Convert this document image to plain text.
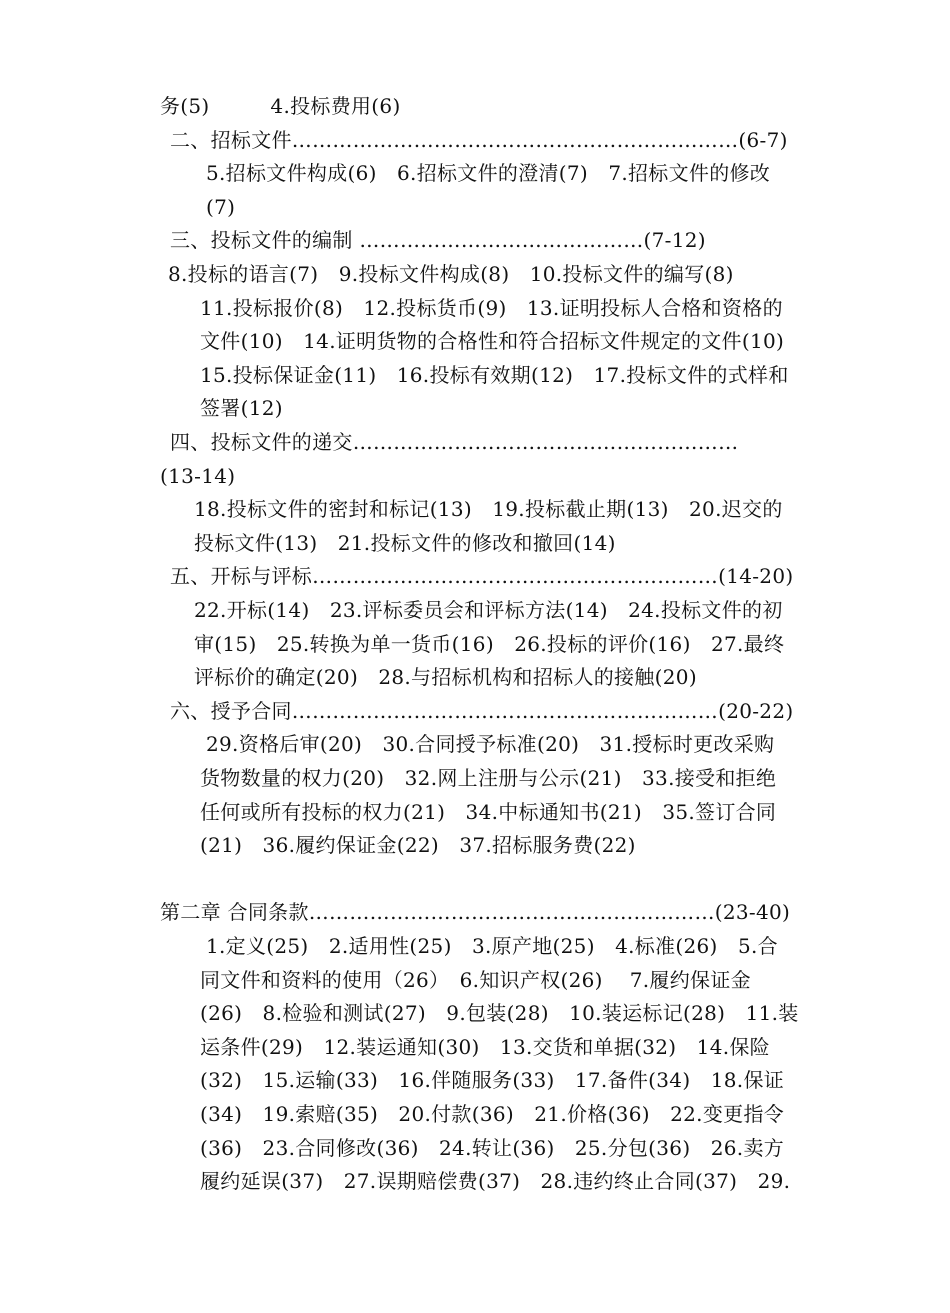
务(5)　　　4.投标费用(6)
二、招标文件…………………………………………………………(6-7)
5.招标文件构成(6)　6.招标文件的澄清(7)　7.招标文件的修改
(7)
三、投标文件的编制 ……………………………………(7-12)
8.投标的语言(7)　9.投标文件构成(8)　10.投标文件的编写(8)
11.投标报价(8)　12.投标货币(9)　13.证明投标人合格和资格的
文件(10)　14.证明货物的合格性和符合招标文件规定的文件(10)
15.投标保证金(11)　16.投标有效期(12)　17.投标文件的式样和
签署(12)
四、投标文件的递交…………………………………………………
(13-14)
18.投标文件的密封和标记(13)　19.投标截止期(13)　20.迟交的
投标文件(13)　21.投标文件的修改和撤回(14)
五、开标与评标……………………………………………………(14-20)
22.开标(14)　23.评标委员会和评标方法(14)　24.投标文件的初
审(15)　25.转换为单一货币(16)　26.投标的评价(16)　27.最终
评标价的确定(20)　28.与招标机构和招标人的接触(20)
六、授予合同………………………………………………………(20-22)
29.资格后审(20)　30.合同授予标准(20)　31.授标时更改采购
货物数量的权力(20)　32.网上注册与公示(21)　33.接受和拒绝
任何或所有投标的权力(21)　34.中标通知书(21)　35.签订合同
(21)　36.履约保证金(22)　37.招标服务费(22)
第二章 合同条款……………………………………………………(23-40)
1.定义(25)　2.适用性(25)　3.原产地(25)　4.标准(26)　5.合
同文件和资料的使用（26）　6.知识产权(26)　 7.履约保证金
(26)　8.检验和测试(27)　9.包装(28)　10.装运标记(28)　11.装
运条件(29)　12.装运通知(30)　13.交货和单据(32)　14.保险
(32)　15.运输(33)　16.伴随服务(33)　17.备件(34)　18.保证
(34)　19.索赔(35)　20.付款(36)　21.价格(36)　22.变更指令
(36)　23.合同修改(36)　24.转让(36)　25.分包(36)　26.卖方
履约延误(37)　27.误期赔偿费(37)　28.违约终止合同(37)　29.
